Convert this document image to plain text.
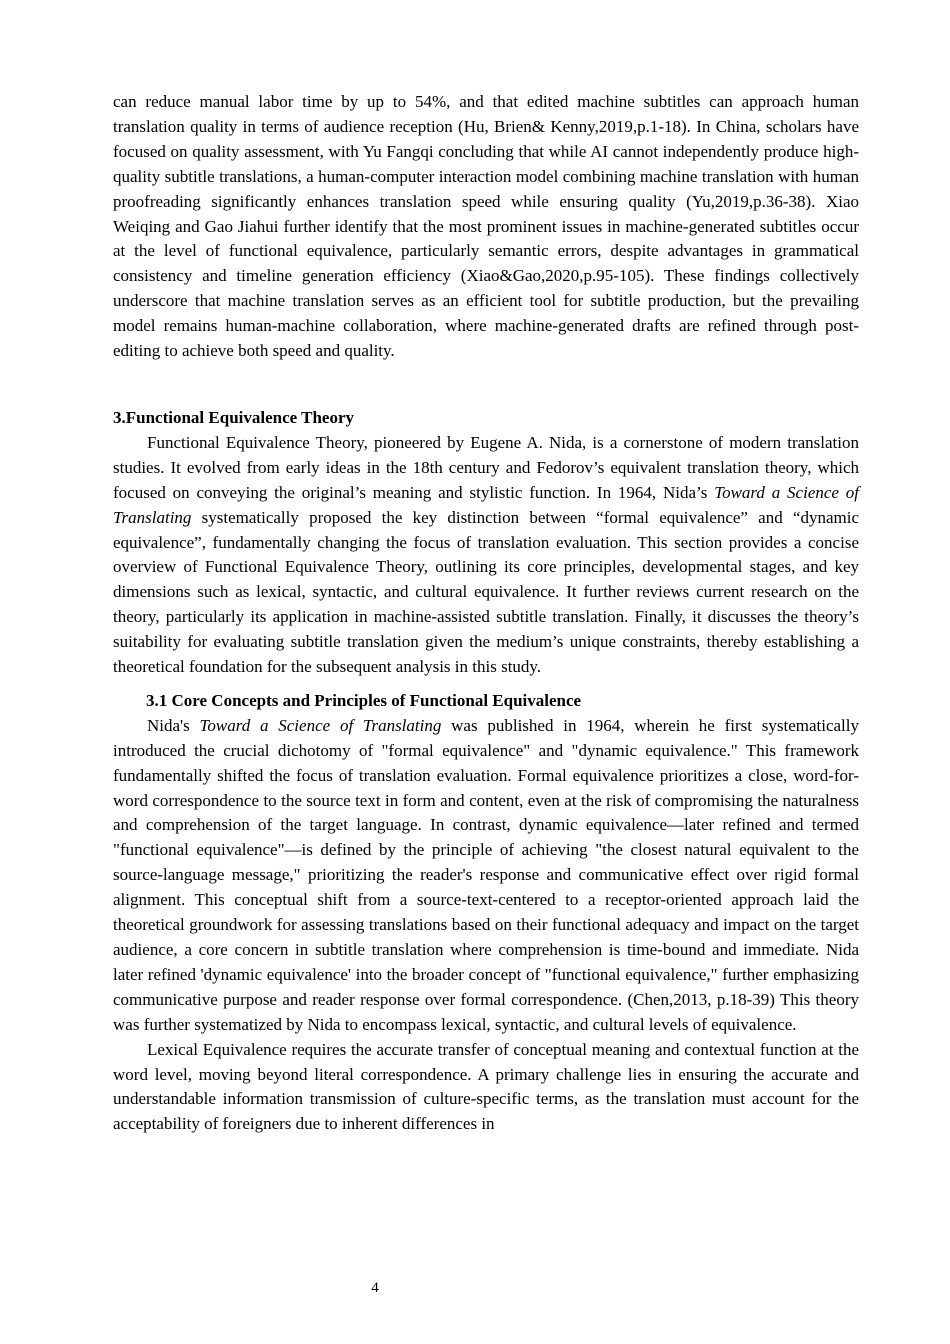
can reduce manual labor time by up to 54%, and that edited machine subtitles can approach human translation quality in terms of audience reception (Hu, Brien& Kenny,2019,p.1-18). In China, scholars have focused on quality assessment, with Yu Fangqi concluding that while AI cannot independently produce high-quality subtitle translations, a human-computer interaction model combining machine translation with human proofreading significantly enhances translation speed while ensuring quality (Yu,2019,p.36-38). Xiao Weiqing and Gao Jiahui further identify that the most prominent issues in machine-generated subtitles occur at the level of functional equivalence, particularly semantic errors, despite advantages in grammatical consistency and timeline generation efficiency (Xiao&Gao,2020,p.95-105). These findings collectively underscore that machine translation serves as an efficient tool for subtitle production, but the prevailing model remains human-machine collaboration, where machine-generated drafts are refined through post-editing to achieve both speed and quality.

3.Functional Equivalence Theory

Functional Equivalence Theory, pioneered by Eugene A. Nida, is a cornerstone of modern translation studies. It evolved from early ideas in the 18th century and Fedorov’s equivalent translation theory, which focused on conveying the original’s meaning and stylistic function. In 1964, Nida’s Toward a Science of Translating systematically proposed the key distinction between “formal equivalence” and “dynamic equivalence”, fundamentally changing the focus of translation evaluation. This section provides a concise overview of Functional Equivalence Theory, outlining its core principles, developmental stages, and key dimensions such as lexical, syntactic, and cultural equivalence. It further reviews current research on the theory, particularly its application in machine-assisted subtitle translation. Finally, it discusses the theory’s suitability for evaluating subtitle translation given the medium’s unique constraints, thereby establishing a theoretical foundation for the subsequent analysis in this study.

3.1 Core Concepts and Principles of Functional Equivalence

Nida's Toward a Science of Translating was published in 1964, wherein he first systematically introduced the crucial dichotomy of "formal equivalence" and "dynamic equivalence." This framework fundamentally shifted the focus of translation evaluation. Formal equivalence prioritizes a close, word-for-word correspondence to the source text in form and content, even at the risk of compromising the naturalness and comprehension of the target language. In contrast, dynamic equivalence—later refined and termed "functional equivalence"—is defined by the principle of achieving "the closest natural equivalent to the source-language message," prioritizing the reader's response and communicative effect over rigid formal alignment. This conceptual shift from a source-text-centered to a receptor-oriented approach laid the theoretical groundwork for assessing translations based on their functional adequacy and impact on the target audience, a core concern in subtitle translation where comprehension is time-bound and immediate. Nida later refined 'dynamic equivalence' into the broader concept of "functional equivalence," further emphasizing communicative purpose and reader response over formal correspondence. (Chen,2013, p.18-39) This theory was further systematized by Nida to encompass lexical, syntactic, and cultural levels of equivalence.

Lexical Equivalence requires the accurate transfer of conceptual meaning and contextual function at the word level, moving beyond literal correspondence. A primary challenge lies in ensuring the accurate and understandable information transmission of culture-specific terms, as the translation must account for the acceptability of foreigners due to inherent differences in

4
